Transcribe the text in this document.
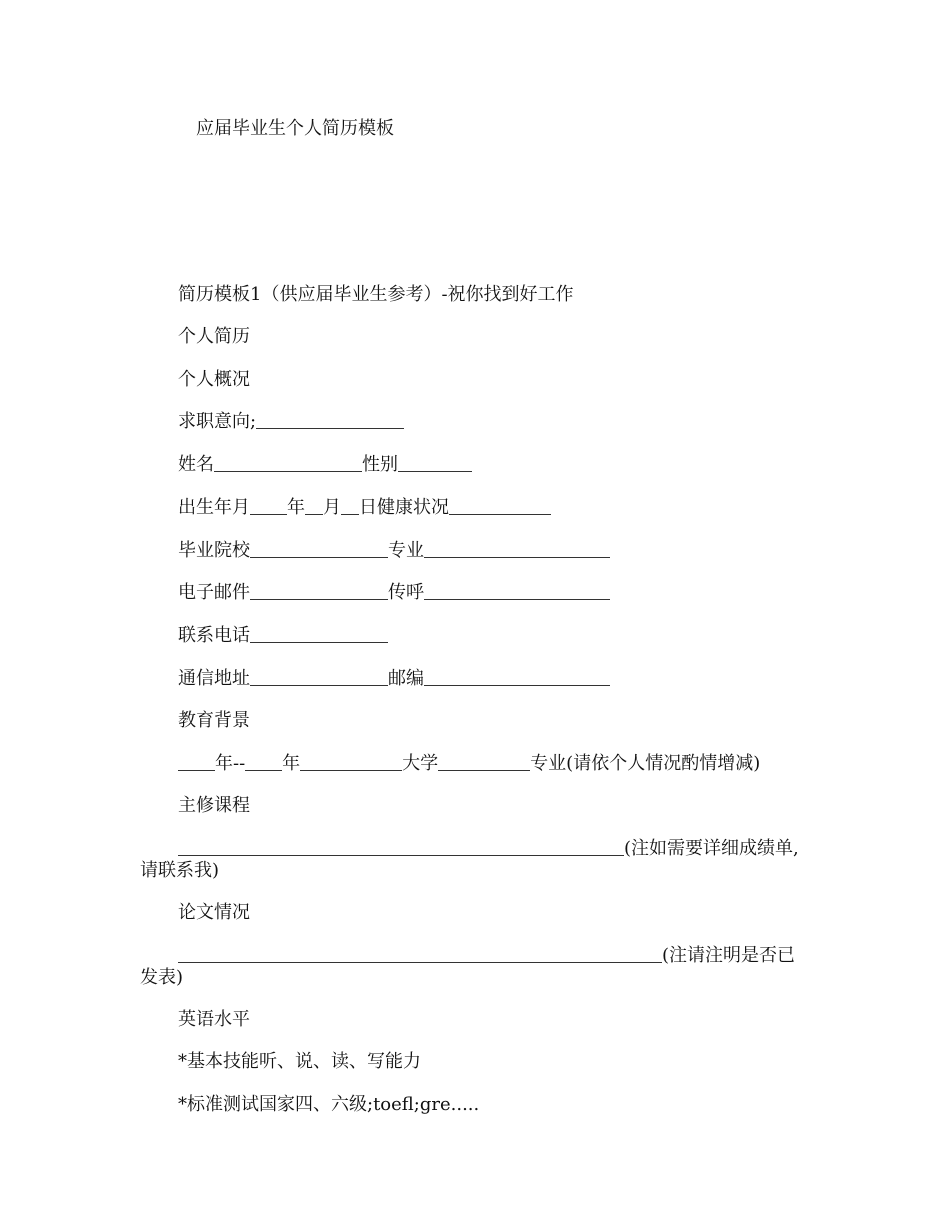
应届毕业生个人简历模板
简历模板1（供应届毕业生参考）-祝你找到好工作
个人简历
个人概况
求职意向;
姓名	性别
出生年月 年 月 日健康状况
毕业院校	专业
电子邮件	传呼
联系电话
通信地址	邮编
教育背景
年-- 年	大学	专业(请依个人情况酌情增减)
主修课程
(注如需要详细成绩单,
请联系我)
论文情况
(注请注明是否已
发表)
英语水平
*基本技能听、说、读、写能力
*标准测试国家四、六级;toefl;gre.....
